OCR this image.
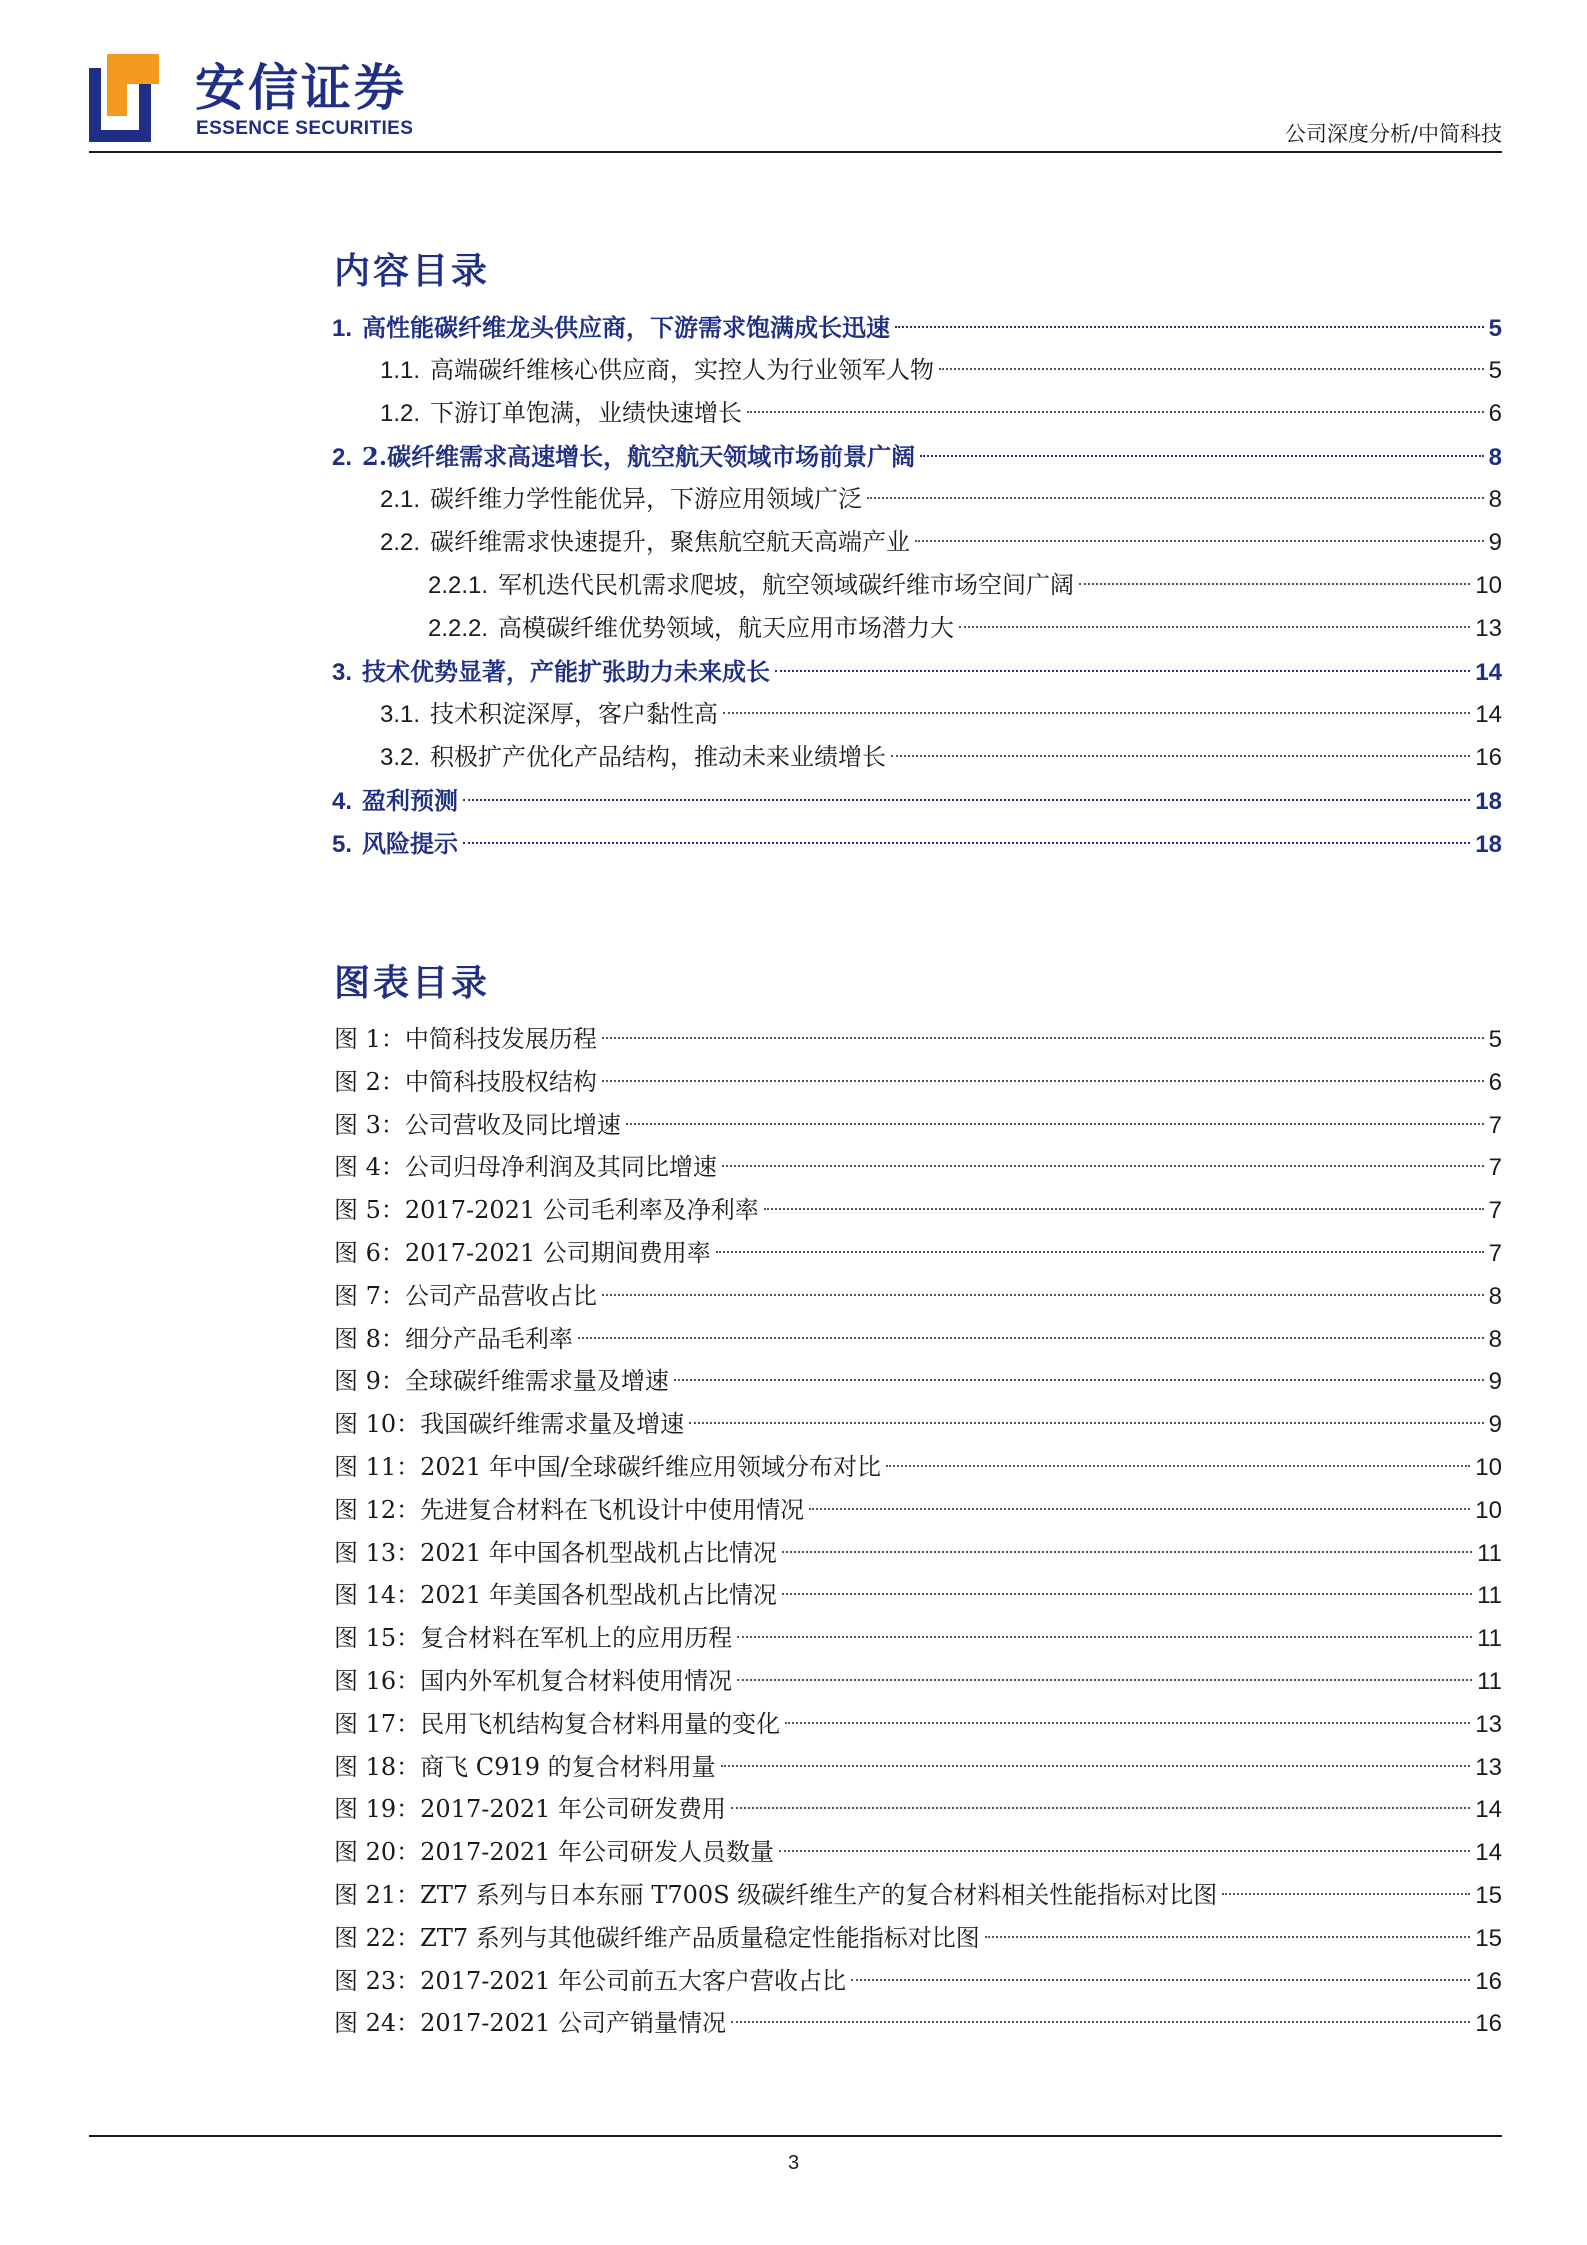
安信证券
ESSENCE SECURITIES	公司深度分析/中简科技
内容目录
1. 高性能碳纤维龙头供应商，下游需求饱满成长迅速	5
1.1. 高端碳纤维核心供应商，实控人为行业领军人物	5
1.2. 下游订单饱满，业绩快速增长	6
2. 2.碳纤维需求高速增长，航空航天领域市场前景广阔	8
2.1. 碳纤维力学性能优异，下游应用领域广泛	8
2.2. 碳纤维需求快速提升，聚焦航空航天高端产业	9
2.2.1. 军机迭代民机需求爬坡，航空领域碳纤维市场空间广阔	10
2.2.2. 高模碳纤维优势领域，航天应用市场潜力大	13
3. 技术优势显著，产能扩张助力未来成长	14
3.1. 技术积淀深厚，客户黏性高	14
3.2. 积极扩产优化产品结构，推动未来业绩增长	16
4. 盈利预测	18
5. 风险提示	18
图表目录
图 1：中简科技发展历程	5
图 2：中简科技股权结构	6
图 3：公司营收及同比增速	7
图 4：公司归母净利润及其同比增速	7
图 5：2017-2021 公司毛利率及净利率	7
图 6：2017-2021 公司期间费用率	7
图 7：公司产品营收占比	8
图 8：细分产品毛利率	8
图 9：全球碳纤维需求量及增速	9
图 10：我国碳纤维需求量及增速	9
图 11：2021 年中国/全球碳纤维应用领域分布对比	10
图 12：先进复合材料在飞机设计中使用情况	10
图 13：2021 年中国各机型战机占比情况	11
图 14：2021 年美国各机型战机占比情况	11
图 15：复合材料在军机上的应用历程	11
图 16：国内外军机复合材料使用情况	11
图 17：民用飞机结构复合材料用量的变化	13
图 18：商飞 C919 的复合材料用量	13
图 19：2017-2021 年公司研发费用	14
图 20：2017-2021 年公司研发人员数量	14
图 21：ZT7 系列与日本东丽 T700S 级碳纤维生产的复合材料相关性能指标对比图	15
图 22：ZT7 系列与其他碳纤维产品质量稳定性能指标对比图	15
图 23：2017-2021 年公司前五大客户营收占比	16
图 24：2017-2021 公司产销量情况	16
3
